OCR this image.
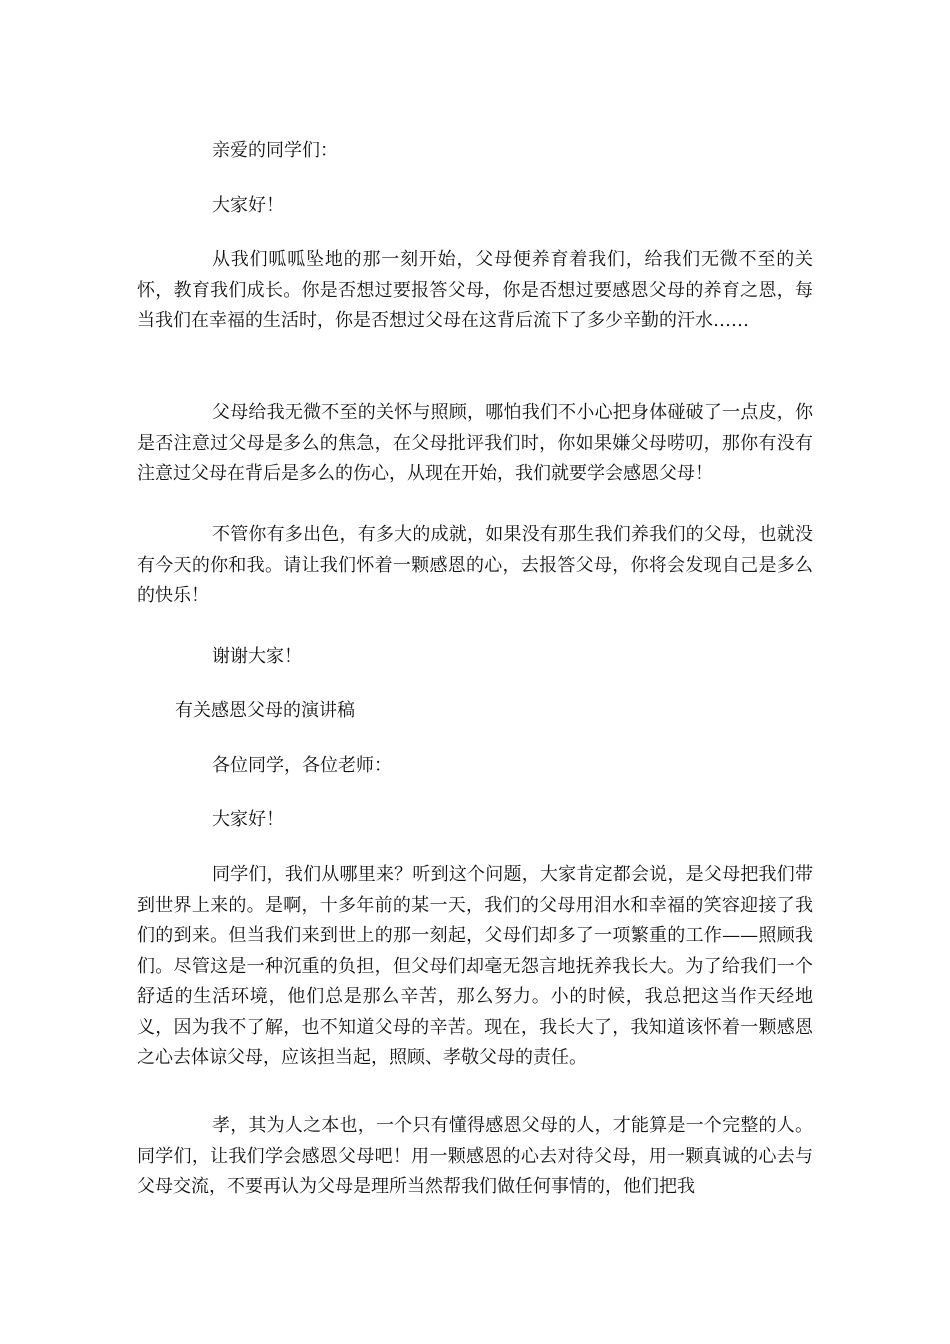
亲爱的同学们：

大家好！

从我们呱呱坠地的那一刻开始，父母便养育着我们，给我们无微不至的关怀，教育我们成长。你是否想过要报答父母，你是否想过要感恩父母的养育之恩，每当我们在幸福的生活时，你是否想过父母在这背后流下了多少辛勤的汗水……

父母给我无微不至的关怀与照顾，哪怕我们不小心把身体碰破了一点皮，你是否注意过父母是多么的焦急，在父母批评我们时，你如果嫌父母唠叨，那你有没有注意过父母在背后是多么的伤心，从现在开始，我们就要学会感恩父母！

不管你有多出色，有多大的成就，如果没有那生我们养我们的父母，也就没有今天的你和我。请让我们怀着一颗感恩的心，去报答父母，你将会发现自己是多么的快乐！

谢谢大家！

有关感恩父母的演讲稿

各位同学，各位老师：

大家好！

同学们，我们从哪里来？听到这个问题，大家肯定都会说，是父母把我们带到世界上来的。是啊，十多年前的某一天，我们的父母用泪水和幸福的笑容迎接了我们的到来。但当我们来到世上的那一刻起，父母们却多了一项繁重的工作——照顾我们。尽管这是一种沉重的负担，但父母们却毫无怨言地抚养我长大。为了给我们一个舒适的生活环境，他们总是那么辛苦，那么努力。小的时候，我总把这当作天经地义，因为我不了解，也不知道父母的辛苦。现在，我长大了，我知道该怀着一颗感恩之心去体谅父母，应该担当起，照顾、孝敬父母的责任。

孝，其为人之本也，一个只有懂得感恩父母的人，才能算是一个完整的人。同学们，让我们学会感恩父母吧！用一颗感恩的心去对待父母，用一颗真诚的心去与父母交流，不要再认为父母是理所当然帮我们做任何事情的，他们把我
